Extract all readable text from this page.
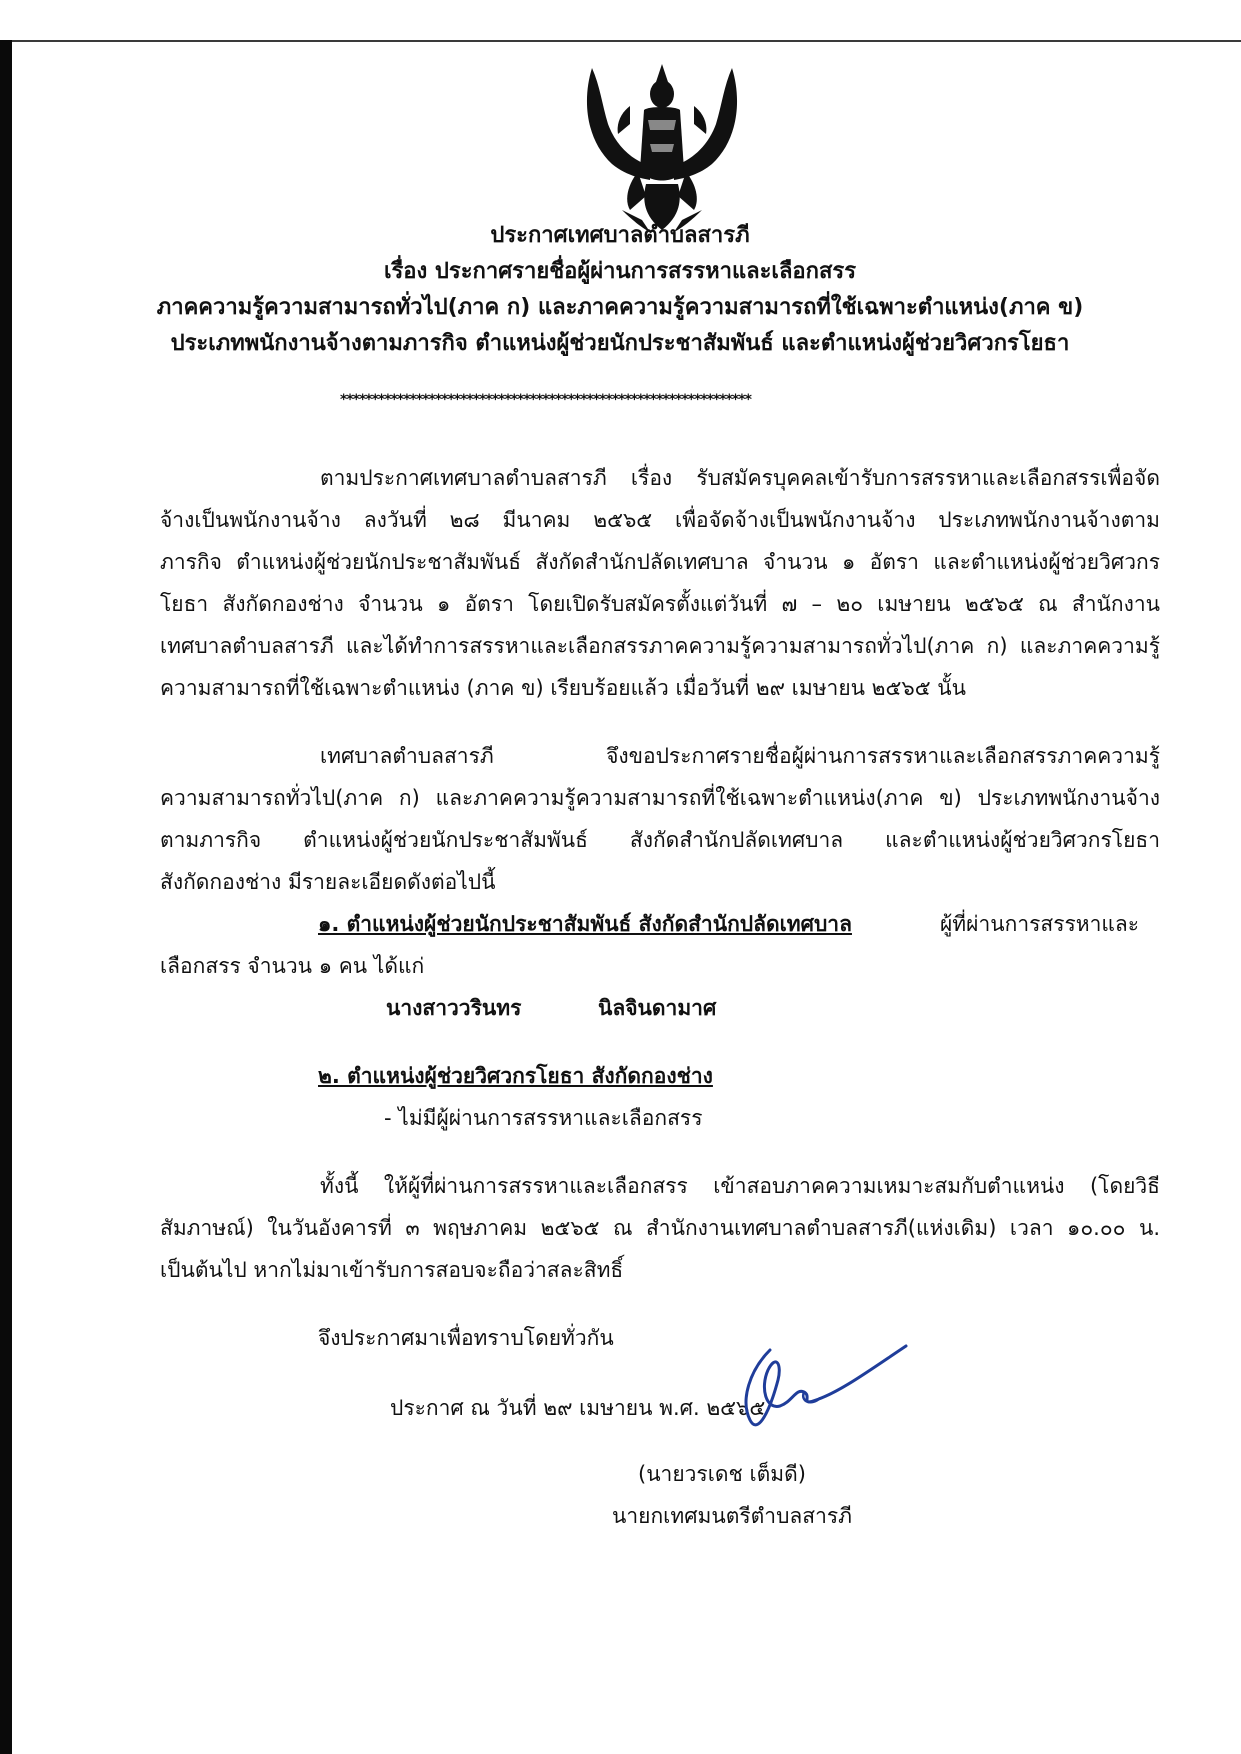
ประกาศเทศบาลตำบลสารภี
เรื่อง ประกาศรายชื่อผู้ผ่านการสรรหาและเลือกสรร
ภาคความรู้ความสามารถทั่วไป(ภาค ก) และภาคความรู้ความสามารถที่ใช้เฉพาะตำแหน่ง(ภาค ข)
ประเภทพนักงานจ้างตามภารกิจ ตำแหน่งผู้ช่วยนักประชาสัมพันธ์ และตำแหน่งผู้ช่วยวิศวกรโยธา
*****************************************************************
ตามประกาศเทศบาลตำบลสารภี เรื่อง รับสมัครบุคคลเข้ารับการสรรหาและเลือกสรรเพื่อจัด
จ้างเป็นพนักงานจ้าง ลงวันที่ ๒๘ มีนาคม ๒๕๖๕ เพื่อจัดจ้างเป็นพนักงานจ้าง ประเภทพนักงานจ้างตาม
ภารกิจ ตำแหน่งผู้ช่วยนักประชาสัมพันธ์ สังกัดสำนักปลัดเทศบาล จำนวน ๑ อัตรา และตำแหน่งผู้ช่วยวิศวกร
โยธา สังกัดกองช่าง จำนวน ๑ อัตรา โดยเปิดรับสมัครตั้งแต่วันที่ ๗ – ๒๐ เมษายน ๒๕๖๕ ณ สำนักงาน
เทศบาลตำบลสารภี และได้ทำการสรรหาและเลือกสรรภาคความรู้ความสามารถทั่วไป(ภาค ก) และภาคความรู้
ความสามารถที่ใช้เฉพาะตำแหน่ง (ภาค ข) เรียบร้อยแล้ว เมื่อวันที่ ๒๙ เมษายน ๒๕๖๕ นั้น
เทศบาลตำบลสารภี จึงขอประกาศรายชื่อผู้ผ่านการสรรหาและเลือกสรรภาคความรู้
ความสามารถทั่วไป(ภาค ก) และภาคความรู้ความสามารถที่ใช้เฉพาะตำแหน่ง(ภาค ข) ประเภทพนักงานจ้าง
ตามภารกิจ ตำแหน่งผู้ช่วยนักประชาสัมพันธ์ สังกัดสำนักปลัดเทศบาล และตำแหน่งผู้ช่วยวิศวกรโยธา
สังกัดกองช่าง มีรายละเอียดดังต่อไปนี้
๑. ตำแหน่งผู้ช่วยนักประชาสัมพันธ์ สังกัดสำนักปลัดเทศบาล	ผู้ที่ผ่านการสรรหาและ
เลือกสรร จำนวน ๑ คน ได้แก่
นางสาววรินทร	นิลจินดามาศ
๒. ตำแหน่งผู้ช่วยวิศวกรโยธา สังกัดกองช่าง
- ไม่มีผู้ผ่านการสรรหาและเลือกสรร
ทั้งนี้ ให้ผู้ที่ผ่านการสรรหาและเลือกสรร เข้าสอบภาคความเหมาะสมกับตำแหน่ง (โดยวิธี
สัมภาษณ์) ในวันอังคารที่ ๓ พฤษภาคม ๒๕๖๕ ณ สำนักงานเทศบาลตำบลสารภี(แห่งเดิม) เวลา ๑๐.๐๐ น.
เป็นต้นไป หากไม่มาเข้ารับการสอบจะถือว่าสละสิทธิ์
จึงประกาศมาเพื่อทราบโดยทั่วกัน
ประกาศ ณ วันที่ ๒๙ เมษายน พ.ศ. ๒๕๖๕
(นายวรเดช เต็มดี)
นายกเทศมนตรีตำบลสารภี
